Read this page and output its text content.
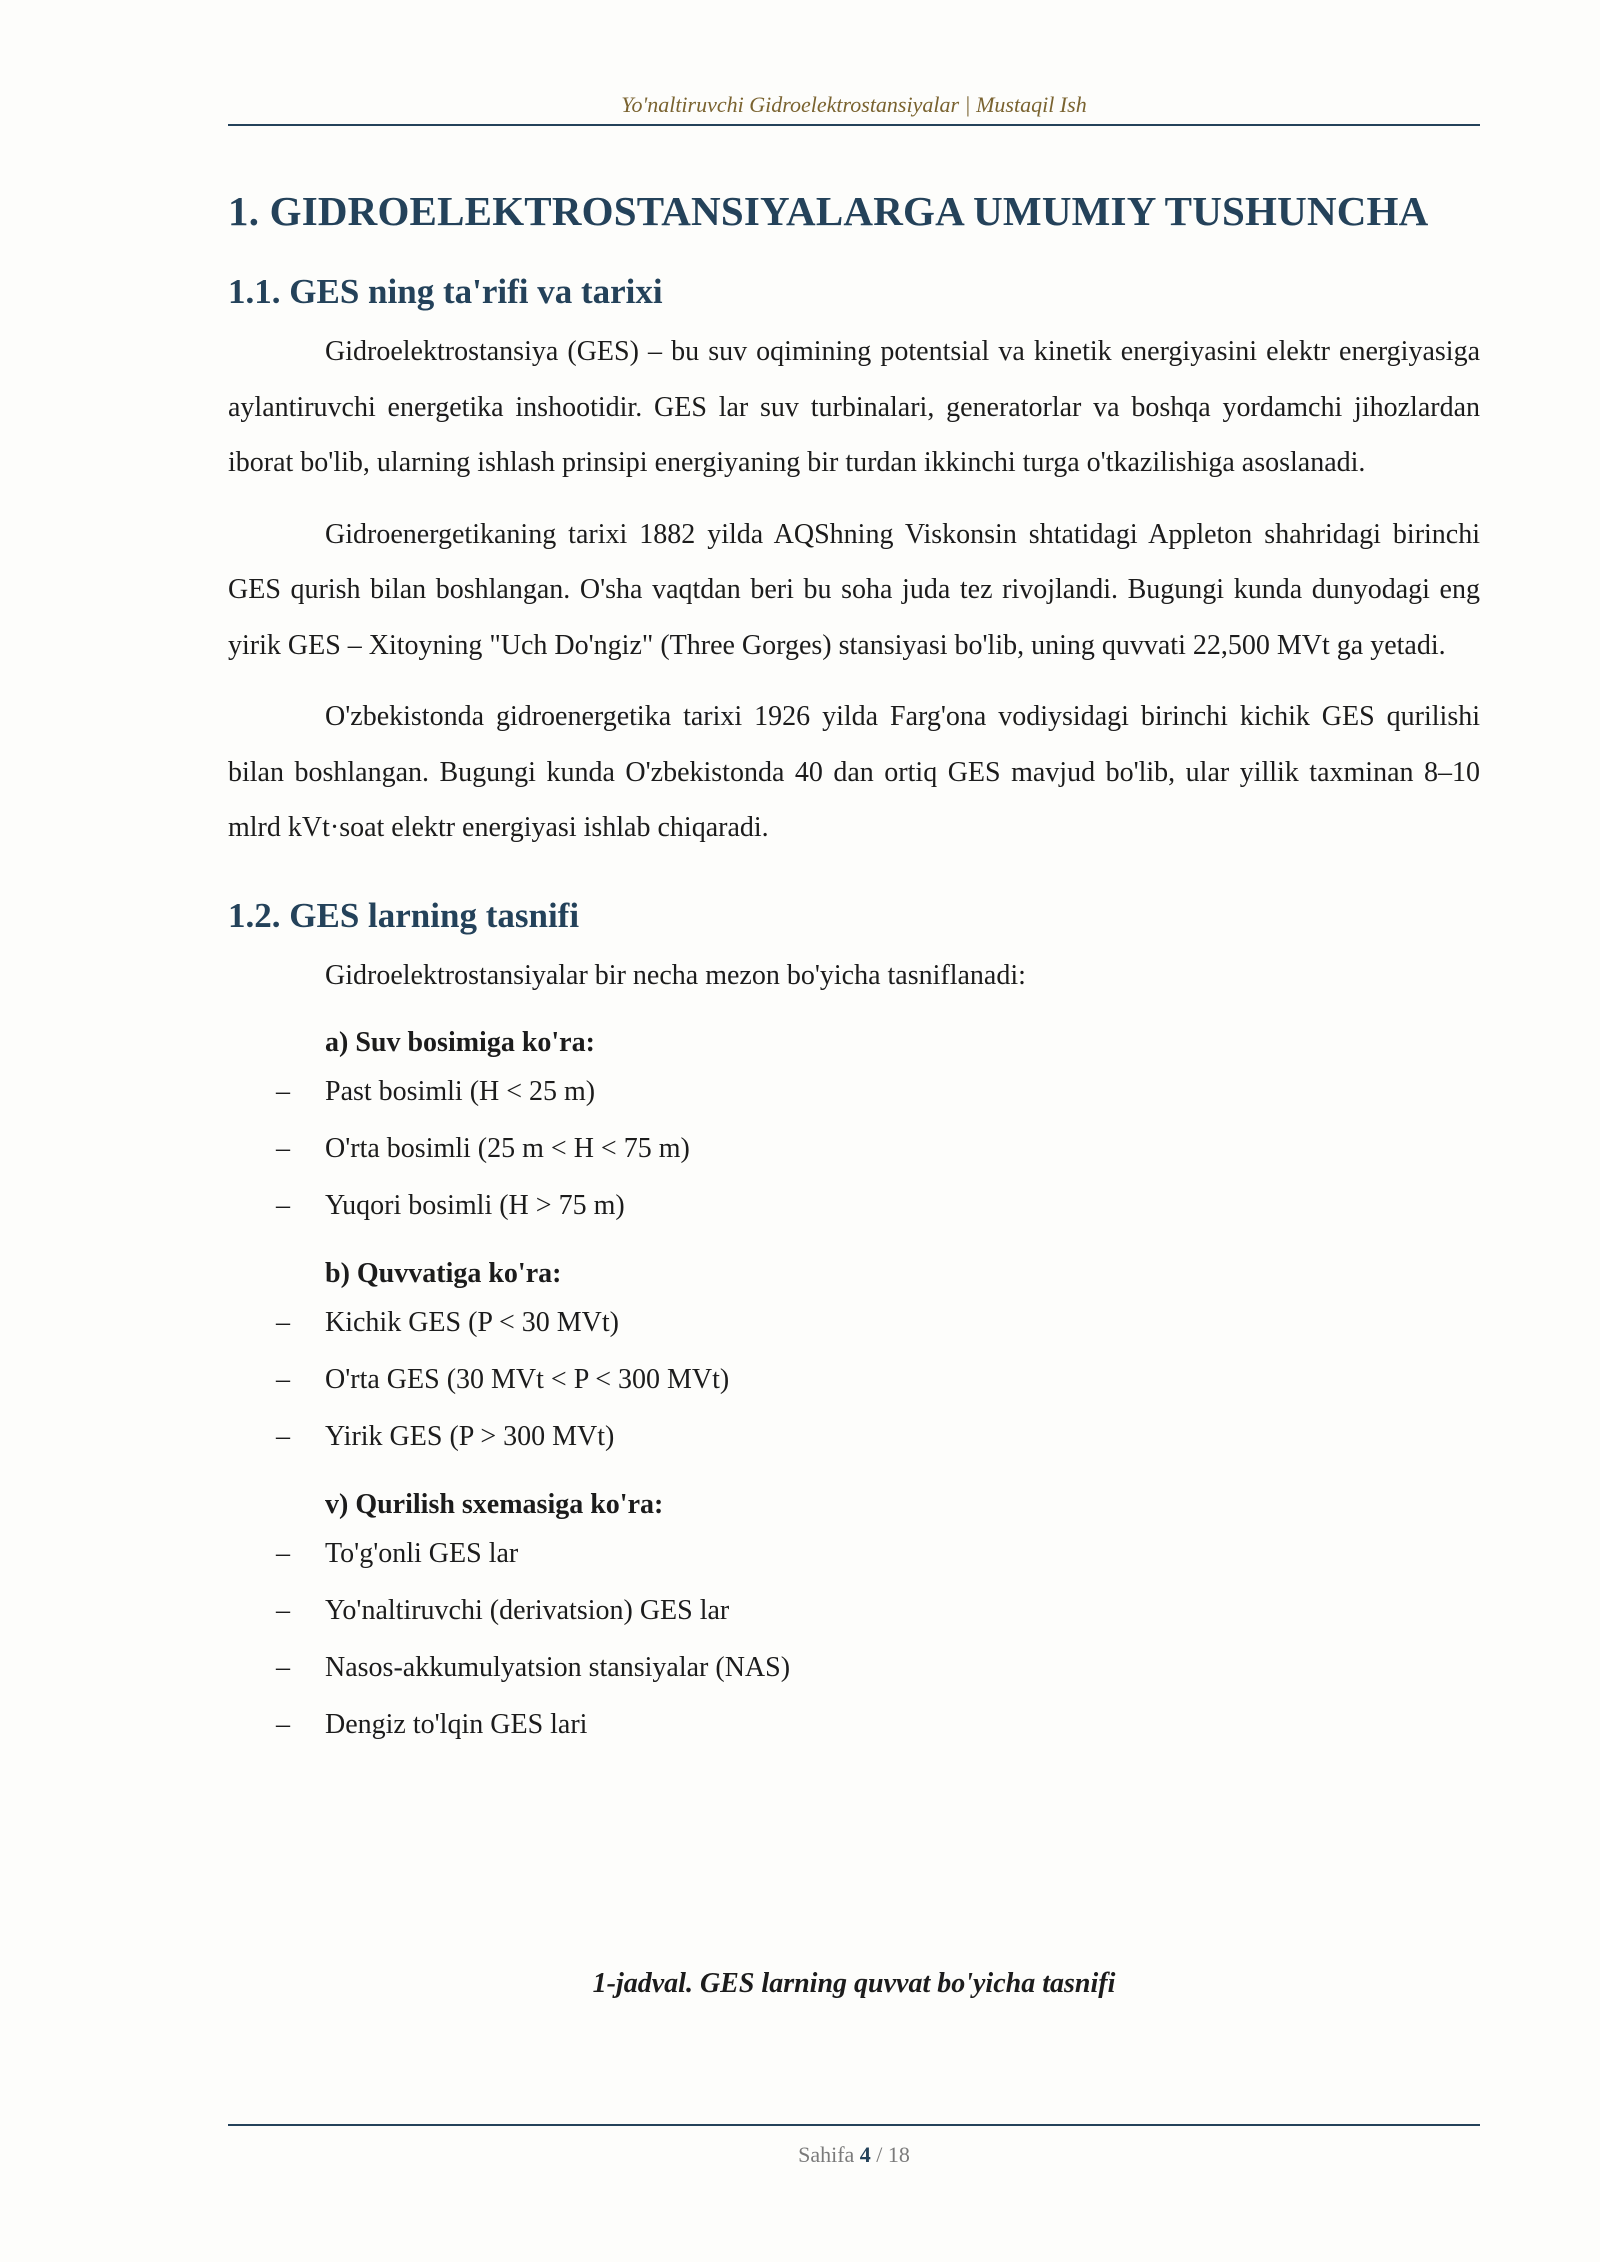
Yo'naltiruvchi Gidroelektrostansiyalar | Mustaqil Ish
1. GIDROELEKTROSTANSIYALARGA UMUMIY TUSHUNCHA
1.1. GES ning ta'rifi va tarixi

Gidroelektrostansiya (GES) – bu suv oqimining potentsial va kinetik energiyasini elektr energiyasiga aylantiruvchi energetika inshootidir. GES lar suv turbinalari, generatorlar va boshqa yordamchi jihozlardan iborat bo'lib, ularning ishlash prinsipi energiyaning bir turdan ikkinchi turga o'tkazilishiga asoslanadi.

Gidroenergetikaning tarixi 1882 yilda AQShning Viskonsin shtatidagi Appleton shahridagi birinchi GES qurish bilan boshlangan. O'sha vaqtdan beri bu soha juda tez rivojlandi. Bugungi kunda dunyodagi eng yirik GES – Xitoyning "Uch Do'ngiz" (Three Gorges) stansiyasi bo'lib, uning quvvati 22,500 MVt ga yetadi.

O'zbekistonda gidroenergetika tarixi 1926 yilda Farg'ona vodiysidagi birinchi kichik GES qurilishi bilan boshlangan. Bugungi kunda O'zbekistonda 40 dan ortiq GES mavjud bo'lib, ular yillik taxminan 8–10 mlrd kVt·soat elektr energiyasi ishlab chiqaradi.

1.2. GES larning tasnifi

Gidroelektrostansiyalar bir necha mezon bo'yicha tasniflanadi:

a) Suv bosimiga ko'ra:
– Past bosimli (H < 25 m)
– O'rta bosimli (25 m < H < 75 m)
– Yuqori bosimli (H > 75 m)
b) Quvvatiga ko'ra:
– Kichik GES (P < 30 MVt)
– O'rta GES (30 MVt < P < 300 MVt)
– Yirik GES (P > 300 MVt)
v) Qurilish sxemasiga ko'ra:
– To'g'onli GES lar
– Yo'naltiruvchi (derivatsion) GES lar
– Nasos-akkumulyatsion stansiyalar (NAS)
– Dengiz to'lqin GES lari
1-jadval. GES larning quvvat bo'yicha tasnifi
Sahifa 4 / 18
